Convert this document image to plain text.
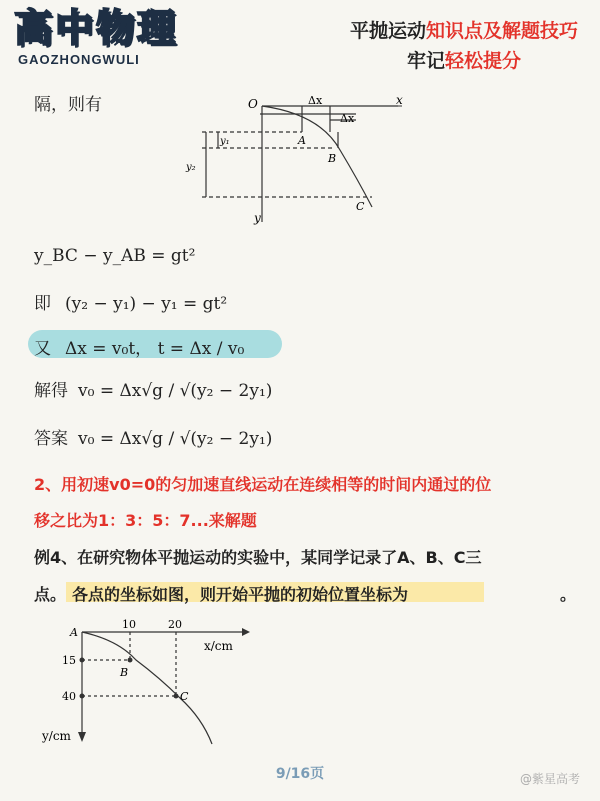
高中物理
GAOZHONGWULI
平抛运动知识点及解题技巧
牢记轻松提分
隔，则有	O	x
y
Δx
Δx
A
B
C
y₁
y₂
y_BC − y_AB = gt²
即 (y₂ − y₁) − y₁ = gt²
又 Δx = v₀t， t = Δx / v₀
解得 v₀ = Δx√g / √(y₂ − 2y₁)
答案 v₀ = Δx√g / √(y₂ − 2y₁)
2、用初速v0=0的匀加速直线运动在连续相等的时间内通过的位
移之比为1：3：5：7...来解题
例4、在研究物体平抛运动的实验中，某同学记录了A、B、C三
点。 各点的坐标如图，则开始平抛的初始位置坐标为	。
A
B
C
10	20
x/cm
15
40
y/cm
9/16页	@紫星高考
